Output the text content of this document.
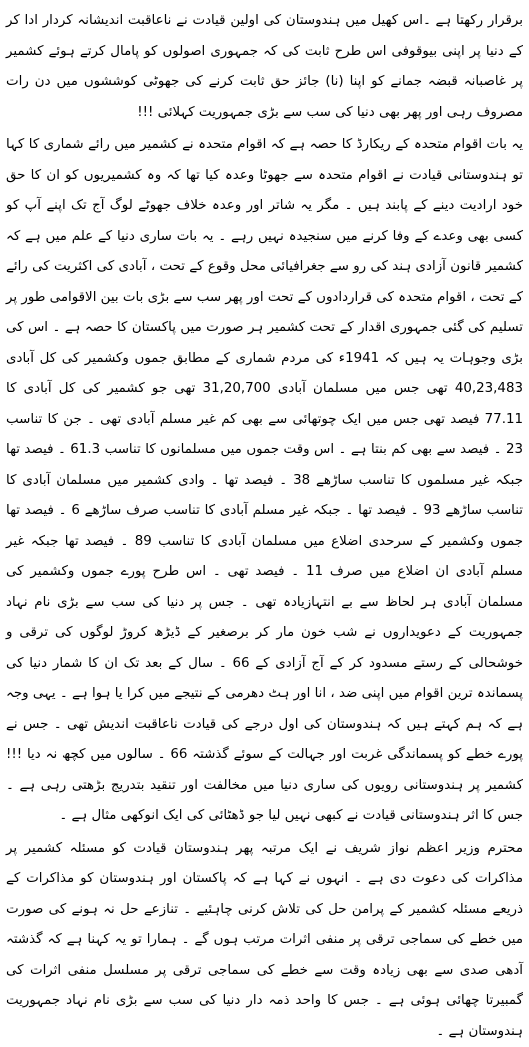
برقرار رکھتا ہے ۔اس کھیل میں ہندوستان کی اولین قیادت نے ناعاقبت اندیشانہ کردار ادا کر کے دنیا پر اپنی بیوقوفی اس طرح ثابت کی کہ جمہوری اصولوں کو پامال کرتے ہوئے کشمیر پر غاصبانہ قبضہ جمانے کو اپنا (نا) جائز حق ثابت کرنے کی جھوٹی کوششوں میں دن رات مصروف رہی اور پھر بھی دنیا کی سب سے بڑی جمہوریت کہلائی !!!

یہ بات اقوام متحدہ کے ریکارڈ کا حصہ ہے کہ اقوام متحدہ نے کشمیر میں رائے شماری کا کہا تو ہندوستانی قیادت نے اقوام متحدہ سے جھوٹا وعدہ کیا تھا کہ وہ کشمیریوں کو ان کا حق خود ارادیت دینے کے پابند ہیں ۔ مگر یہ شاتر اور وعدہ خلاف جھوٹے لوگ آج تک اپنے آپ کو کسی بھی وعدے کے وفا کرنے میں سنجیدہ نہیں رہے ۔ یہ بات ساری دنیا کے علم میں ہے کہ کشمیر قانون آزادی ہند کی رو سے جغرافیائی محل وقوع کے تحت ، آبادی کی اکثریت کی رائے کے تحت ، اقوام متحدہ کی قراردادوں کے تحت اور پھر سب سے بڑی بات بین الاقوامی طور پر تسلیم کی گئی جمہوری اقدار کے تحت کشمیر ہر صورت میں پاکستان کا حصہ ہے ۔ اس کی بڑی وجوہات یہ ہیں کہ 1941ء کی مردم شماری کے مطابق جموں وکشمیر کی کل آبادی 40,23,483 تھی جس میں مسلمان آبادی 31,20,700 تھی جو کشمیر کی کل آبادی کا 77.11 فیصد تھی جس میں ایک چوتھائی سے بھی کم غیر مسلم آبادی تھی ۔ جن کا تناسب 23 ۔ فیصد سے بھی کم بنتا ہے ۔ اس وقت جموں میں مسلمانوں کا تناسب 61.3 ۔ فیصد تھا جبکہ غیر مسلموں کا تناسب ساڑھے 38 ۔ فیصد تھا ۔ وادی کشمیر میں مسلمان آبادی کا تناسب ساڑھے 93 ۔ فیصد تھا ۔ جبکہ غیر مسلم آبادی کا تناسب صرف ساڑھے 6 ۔ فیصد تھا جموں وکشمیر کے سرحدی اضلاع میں مسلمان آبادی کا تناسب 89 ۔ فیصد تھا جبکہ غیر مسلم آبادی ان اضلاع میں صرف 11 ۔ فیصد تھی ۔ اس طرح پورے جموں وکشمیر کی مسلمان آبادی ہر لحاظ سے بے انتہازیادہ تھی ۔ جس پر دنیا کی سب سے بڑی نام نہاد جمہوریت کے دعویداروں نے شب خون مار کر برصغیر کے ڈیڑھ کروڑ لوگوں کی ترقی و خوشحالی کے رستے مسدود کر کے آج آزادی کے 66 ۔ سال کے بعد تک ان کا شمار دنیا کی پسماندہ ترین اقوام میں اپنی ضد ، انا اور ہٹ دھرمی کے نتیجے میں کرا یا ہوا ہے ۔ یہی وجہ ہے کہ ہم کہتے ہیں کہ ہندوستان کی اول درجے کی قیادت ناعاقبت اندیش تھی ۔ جس نے پورے خطے کو پسماندگی غربت اور جہالت کے سوئے گذشتہ 66 ۔ سالوں میں کچھ نہ دیا !!! کشمیر پر ہندوستانی رویوں کی ساری دنیا میں مخالفت اور تنقید بتدریج بڑھتی رہی ہے ۔ جس کا اثر ہندوستانی قیادت نے کبھی نہیں لیا جو ڈھٹائی کی ایک انوکھی مثال ہے ۔

محترم وزیر اعظم نواز شریف نے ایک مرتبہ پھر ہندوستان قیادت کو مسئلہ کشمیر پر مذاکرات کی دعوت دی ہے ۔ انہوں نے کہا ہے کہ پاکستان اور ہندوستان کو مذاکرات کے ذریعے مسئلہ کشمیر کے پرامن حل کی تلاش کرنی چاہئیے ۔ تنازعے حل نہ ہونے کی صورت میں خطے کی سماجی ترقی پر منفی اثرات مرتب ہوں گے ۔ ہمارا تو یہ کہنا ہے کہ گذشتہ آدھی صدی سے بھی زیادہ وقت سے خطے کی سماجی ترقی پر مسلسل منفی اثرات کی گمبیرتا چھائی ہوئی ہے ۔ جس کا واحد ذمہ دار دنیا کی سب سے بڑی نام نہاد جمہوریت ہندوستان ہے ۔
